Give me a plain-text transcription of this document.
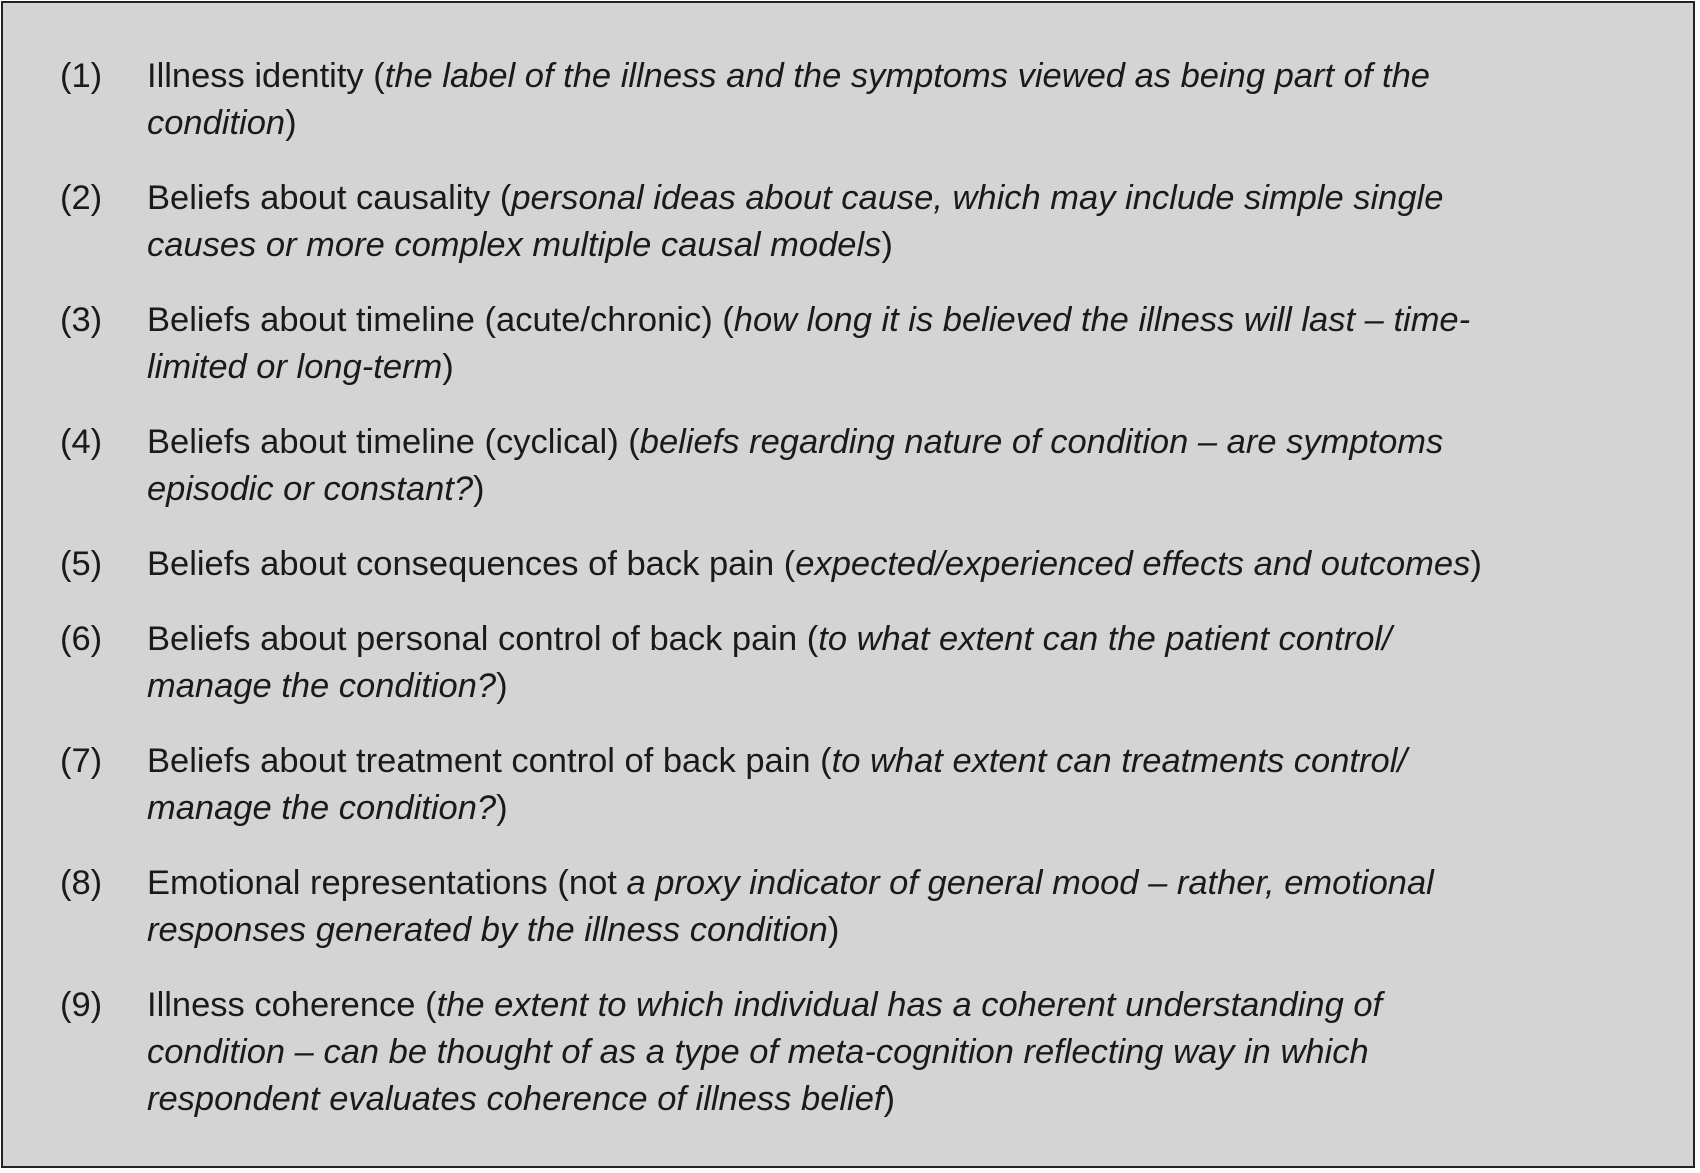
(1)	Illness identity (the label of the illness and the symptoms viewed as being part of the
condition)
(2)	Beliefs about causality (personal ideas about cause, which may include simple single
causes or more complex multiple causal models)
(3)	Beliefs about timeline (acute/chronic) (how long it is believed the illness will last – time-
limited or long-term)
(4)	Beliefs about timeline (cyclical) (beliefs regarding nature of condition – are symptoms
episodic or constant?)
(5)	Beliefs about consequences of back pain (expected/experienced effects and outcomes)
(6)	Beliefs about personal control of back pain (to what extent can the patient control/
manage the condition?)
(7)	Beliefs about treatment control of back pain (to what extent can treatments control/
manage the condition?)
(8)	Emotional representations (not a proxy indicator of general mood – rather, emotional
responses generated by the illness condition)
(9)	Illness coherence (the extent to which individual has a coherent understanding of
condition – can be thought of as a type of meta-cognition reflecting way in which
respondent evaluates coherence of illness belief)
